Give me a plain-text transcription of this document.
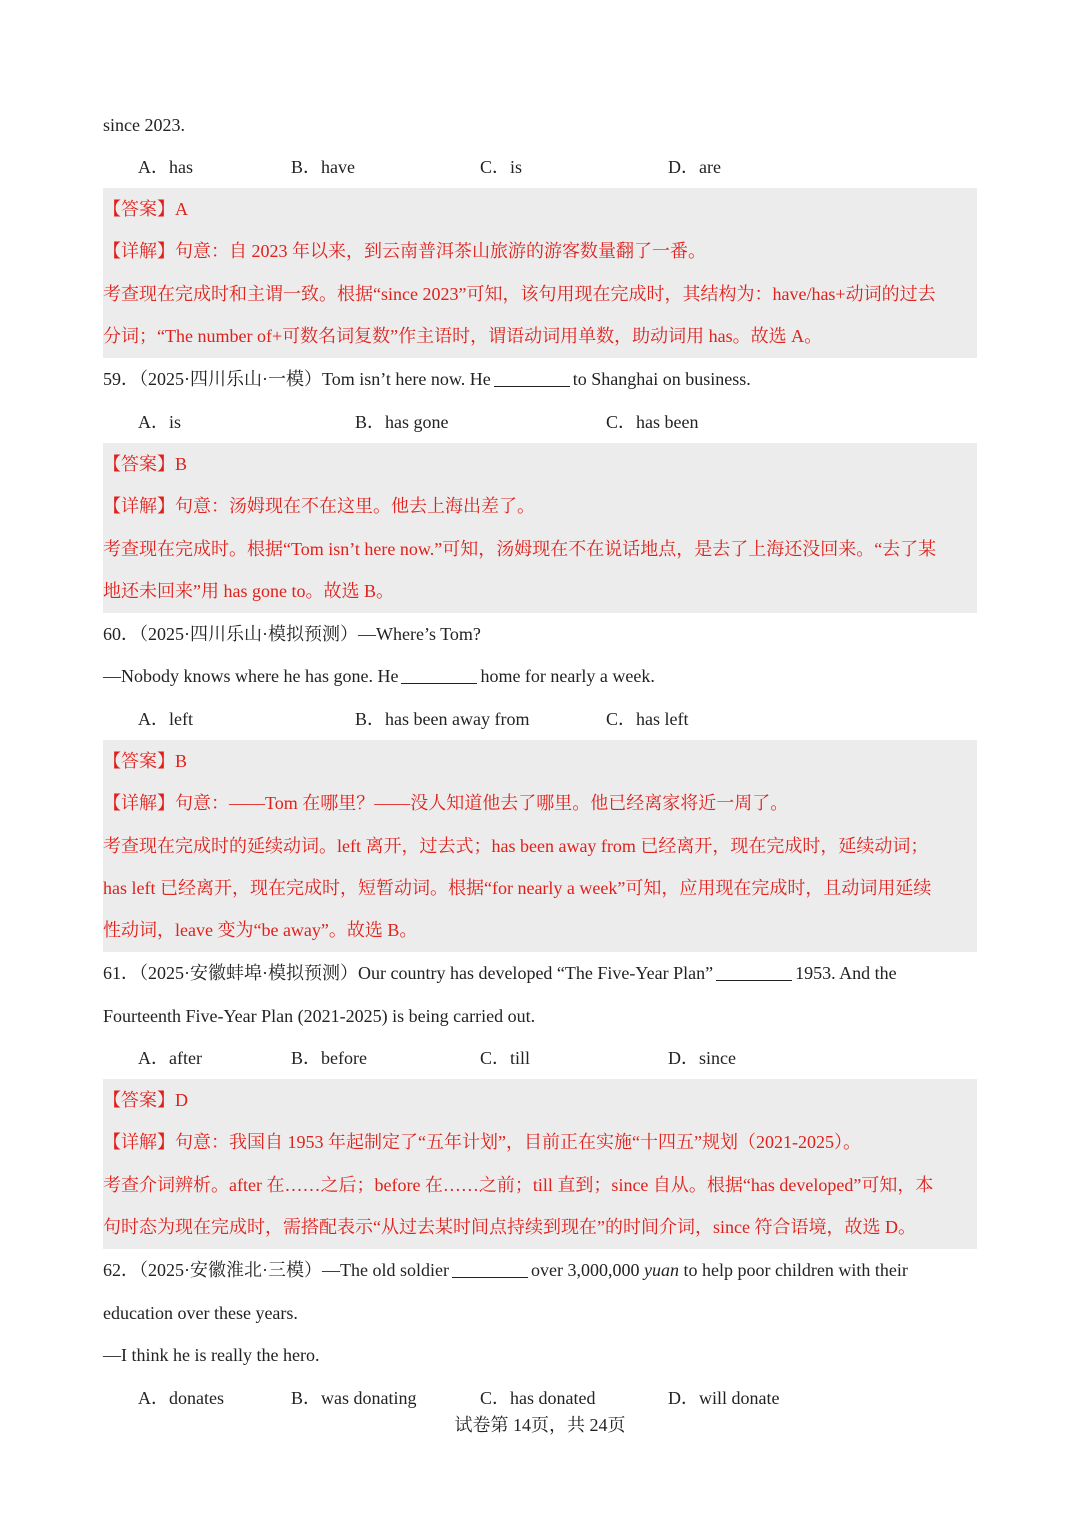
since 2023.
A．has	B．have	C．is	D．are
【答案】A
【详解】句意：自 2023 年以来，到云南普洱茶山旅游的游客数量翻了一番。
考查现在完成时和主谓一致。根据“since 2023”可知，该句用现在完成时，其结构为：have/has+动词的过去
分词；“The number of+可数名词复数”作主语时，谓语动词用单数，助动词用 has。故选 A。
59．（2025·四川乐山·一模）Tom isn’t here now. He	to Shanghai on business.
A．is	B．has gone	C．has been
【答案】B
【详解】句意：汤姆现在不在这里。他去上海出差了。
考查现在完成时。根据“Tom isn’t here now.”可知，汤姆现在不在说话地点，是去了上海还没回来。“去了某
地还未回来”用 has gone to。故选 B。
60．（2025·四川乐山·模拟预测）—Where’s Tom?
—Nobody knows where he has gone. He	home for nearly a week.
A．left	B．has been away from	C．has left
【答案】B
【详解】句意：——Tom 在哪里？——没人知道他去了哪里。他已经离家将近一周了。
考查现在完成时的延续动词。left 离开，过去式；has been away from 已经离开，现在完成时，延续动词；
has left 已经离开，现在完成时，短暂动词。根据“for nearly a week”可知，应用现在完成时，且动词用延续
性动词，leave 变为“be away”。故选 B。
61．（2025·安徽蚌埠·模拟预测）Our country has developed “The Five-Year Plan”	1953. And the
Fourteenth Five-Year Plan (2021-2025) is being carried out.
A．after	B．before	C．till	D．since
【答案】D
【详解】句意：我国自 1953 年起制定了“五年计划”，目前正在实施“十四五”规划（2021-2025）。
考查介词辨析。after 在……之后；before 在……之前；till 直到；since 自从。根据“has developed”可知，本
句时态为现在完成时，需搭配表示“从过去某时间点持续到现在”的时间介词，since 符合语境，故选 D。
62．（2025·安徽淮北·三模）—The old soldier	over 3,000,000 yuan to help poor children with their
education over these years.
—I think he is really the hero.
A．donates	B．was donating	C．has donated	D．will donate
试卷第 14页，共 24页
